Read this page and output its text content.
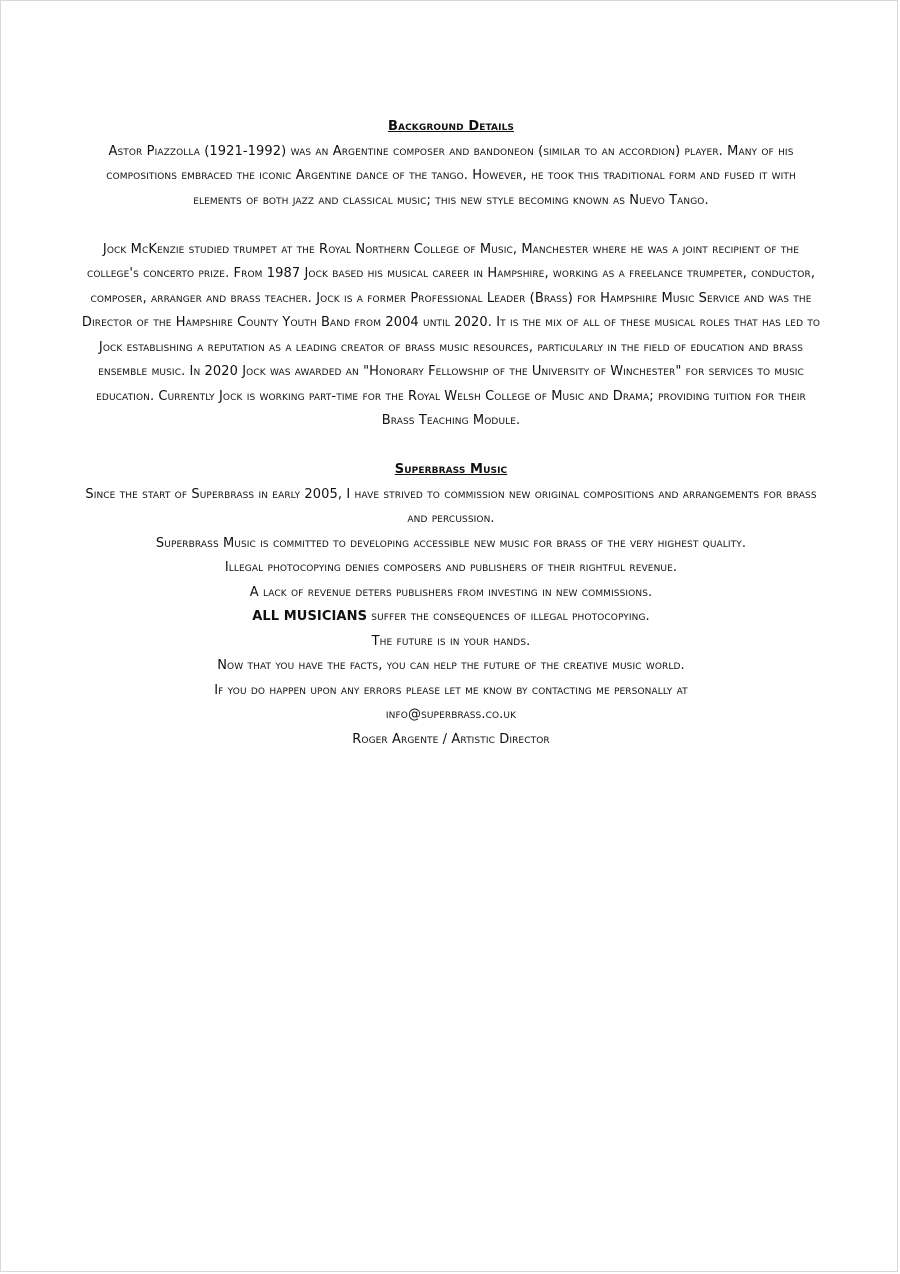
Background Details

Astor Piazzolla (1921-1992) was an Argentine composer and bandoneon (similar to an accordion) player. Many of his compositions embraced the iconic Argentine dance of the tango. However, he took this traditional form and fused it with elements of both jazz and classical music; this new style becoming known as Nuevo Tango.

Jock McKenzie studied trumpet at the Royal Northern College of Music, Manchester where he was a joint recipient of the college's concerto prize. From 1987 Jock based his musical career in Hampshire, working as a freelance trumpeter, conductor, composer, arranger and brass teacher. Jock is a former Professional Leader (Brass) for Hampshire Music Service and was the Director of the Hampshire County Youth Band from 2004 until 2020. It is the mix of all of these musical roles that has led to Jock establishing a reputation as a leading creator of brass music resources, particularly in the field of education and brass ensemble music. In 2020 Jock was awarded an "Honorary Fellowship of the University of Winchester" for services to music education. Currently Jock is working part-time for the Royal Welsh College of Music and Drama; providing tuition for their Brass Teaching Module.

Superbrass Music

Since the start of Superbrass in early 2005, I have strived to commission new original compositions and arrangements for brass and percussion.

Superbrass Music is committed to developing accessible new music for brass of the very highest quality.

Illegal photocopying denies composers and publishers of their rightful revenue.

A lack of revenue deters publishers from investing in new commissions.

ALL MUSICIANS suffer the consequences of illegal photocopying.

The future is in your hands.

Now that you have the facts, you can help the future of the creative music world.

If you do happen upon any errors please let me know by contacting me personally at

info@superbrass.co.uk

Roger Argente / Artistic Director
